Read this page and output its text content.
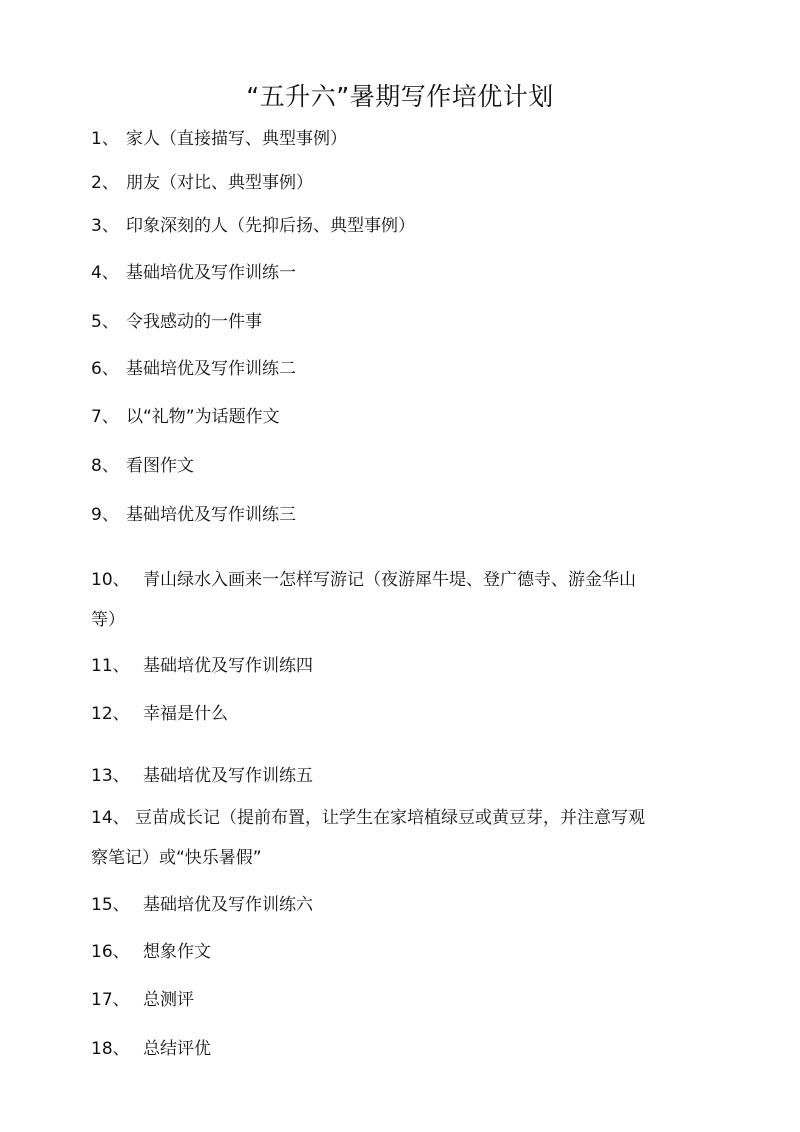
“五升六”暑期写作培优计划
1、 家人（直接描写、典型事例）
2、 朋友（对比、典型事例）
3、 印象深刻的人（先抑后扬、典型事例）
4、 基础培优及写作训练一
5、 令我感动的一件事
6、 基础培优及写作训练二
7、 以“礼物”为话题作文
8、 看图作文
9、 基础培优及写作训练三
10、 青山绿水入画来一怎样写游记（夜游犀牛堤、登广德寺、游金华山
等）
11、 基础培优及写作训练四
12、 幸福是什么
13、 基础培优及写作训练五
14、 豆苗成长记（提前布置，让学生在家培植绿豆或黄豆芽，并注意写观
察笔记）或“快乐暑假”
15、 基础培优及写作训练六
16、 想象作文
17、 总测评
18、 总结评优
